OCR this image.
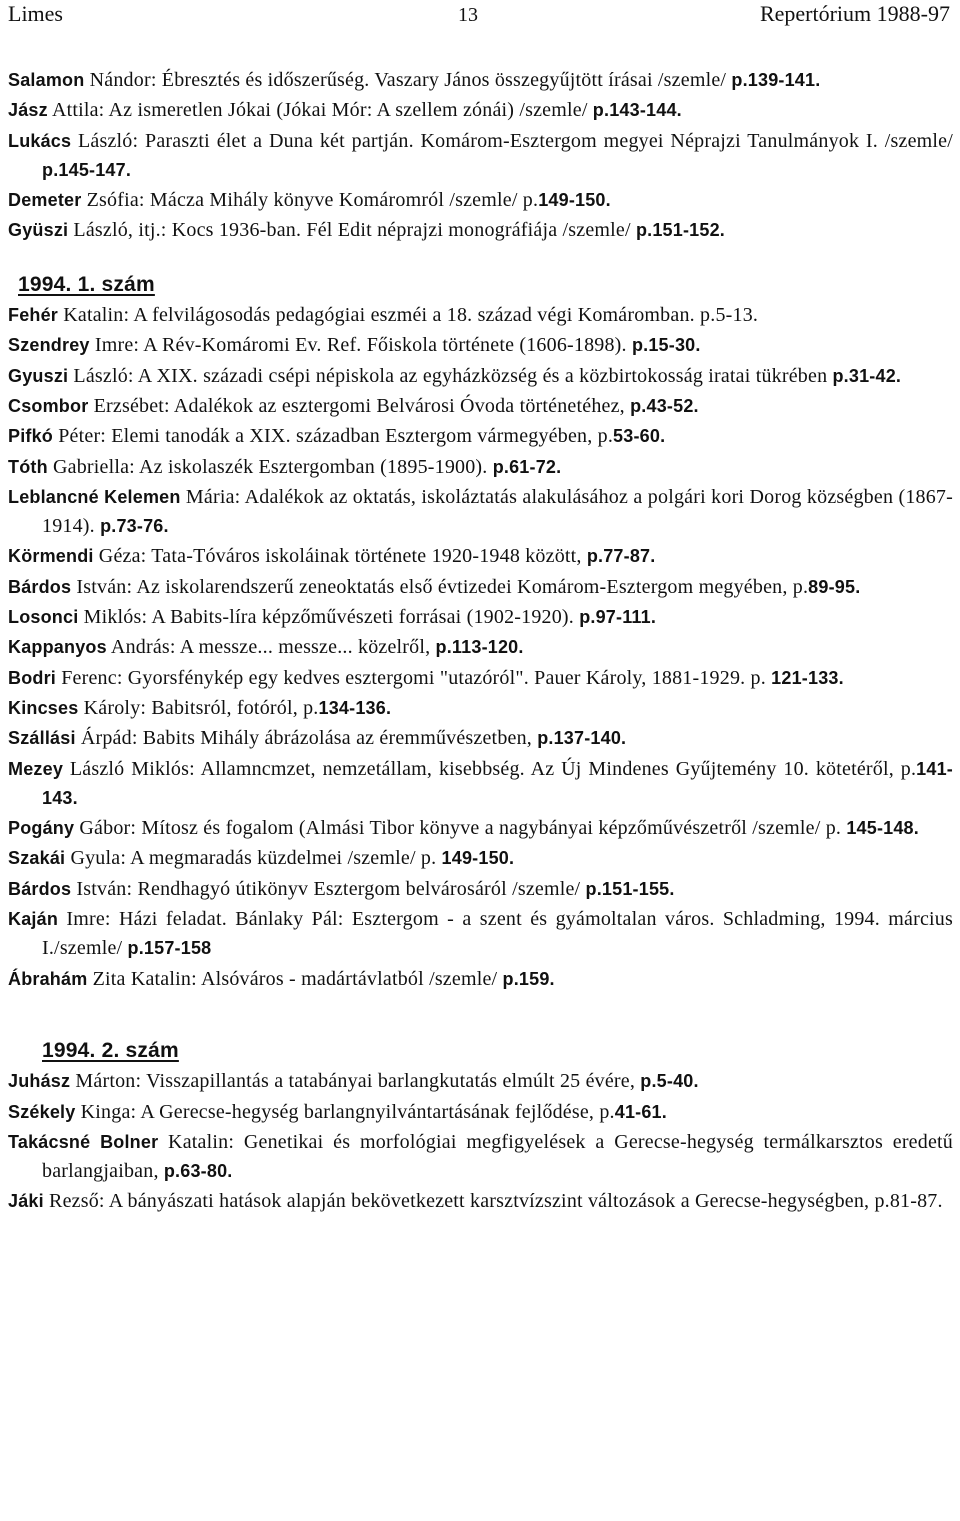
Limes	13	Repertórium 1988-97

Salamon Nándor: Ébresztés és időszerűség. Vaszary János összegyűjtött írásai /szemle/ p.139-141.

Jász Attila: Az ismeretlen Jókai (Jókai Mór: A szellem zónái) /szemle/ p.143-144.

Lukács László: Paraszti élet a Duna két partján. Komárom-Esztergom megyei Néprajzi Tanulmányok I. /szemle/ p.145-147.

Demeter Zsófia: Mácza Mihály könyve Komáromról /szemle/ p.149-150.

Gyüszi László, itj.: Kocs 1936-ban. Fél Edit néprajzi monográfiája /szemle/ p.151-152.

1994. 1. szám

Fehér Katalin: A felvilágosodás pedagógiai eszméi a 18. század végi Komáromban. p.5-13.

Szendrey Imre: A Rév-Komáromi Ev. Ref. Főiskola története (1606-1898). p.15-30.

Gyuszi László: A XIX. századi csépi népiskola az egyházközség és a közbirtokosság iratai tükrében p.31-42.

Csombor Erzsébet: Adalékok az esztergomi Belvárosi Óvoda történetéhez, p.43-52.

Pifkó Péter: Elemi tanodák a XIX. században Esztergom vármegyében, p.53-60.

Tóth Gabriella: Az iskolaszék Esztergomban (1895-1900). p.61-72.

Leblancné Kelemen Mária: Adalékok az oktatás, iskoláztatás alakulásához a polgári kori Dorog községben (1867-1914). p.73-76.

Körmendi Géza: Tata-Tóváros iskoláinak története 1920-1948 között, p.77-87.

Bárdos István: Az iskolarendszerű zeneoktatás első évtizedei Komárom-Esztergom megyében, p.89-95.

Losonci Miklós: A Babits-líra képzőművészeti forrásai (1902-1920). p.97-111.

Kappanyos András: A messze... messze... közelről, p.113-120.

Bodri Ferenc: Gyorsfénykép egy kedves esztergomi "utazóról". Pauer Károly, 1881-1929. p. 121-133.

Kincses Károly: Babitsról, fotóról, p.134-136.

Szállási Árpád: Babits Mihály ábrázolása az éremművészetben, p.137-140.

Mezey László Miklós: Allamncmzet, nemzetállam, kisebbség. Az Új Mindenes Gyűjtemény 10. kötetéről, p.141-143.

Pogány Gábor: Mítosz és fogalom (Almási Tibor könyve a nagybányai képzőművészetről /szemle/ p. 145-148.

Szakái Gyula: A megmaradás küzdelmei /szemle/ p. 149-150.

Bárdos István: Rendhagyó útikönyv Esztergom belvárosáról /szemle/ p.151-155.

Kaján Imre: Házi feladat. Bánlaky Pál: Esztergom - a szent és gyámoltalan város. Schladming, 1994. március I./szemle/ p.157-158

Ábrahám Zita Katalin: Alsóváros - madártávlatból /szemle/ p.159.

1994. 2. szám

Juhász Márton: Visszapillantás a tatabányai barlangkutatás elmúlt 25 évére, p.5-40.

Székely Kinga: A Gerecse-hegység barlangnyilvántartásának fejlődése, p.41-61.

Takácsné Bolner Katalin: Genetikai és morfológiai megfigyelések a Gerecse-hegység termálkarsztos eredetű barlangjaiban, p.63-80.

Jáki Rezső: A bányászati hatások alapján bekövetkezett karsztvízszint változások a Gerecse-hegységben, p.81-87.
